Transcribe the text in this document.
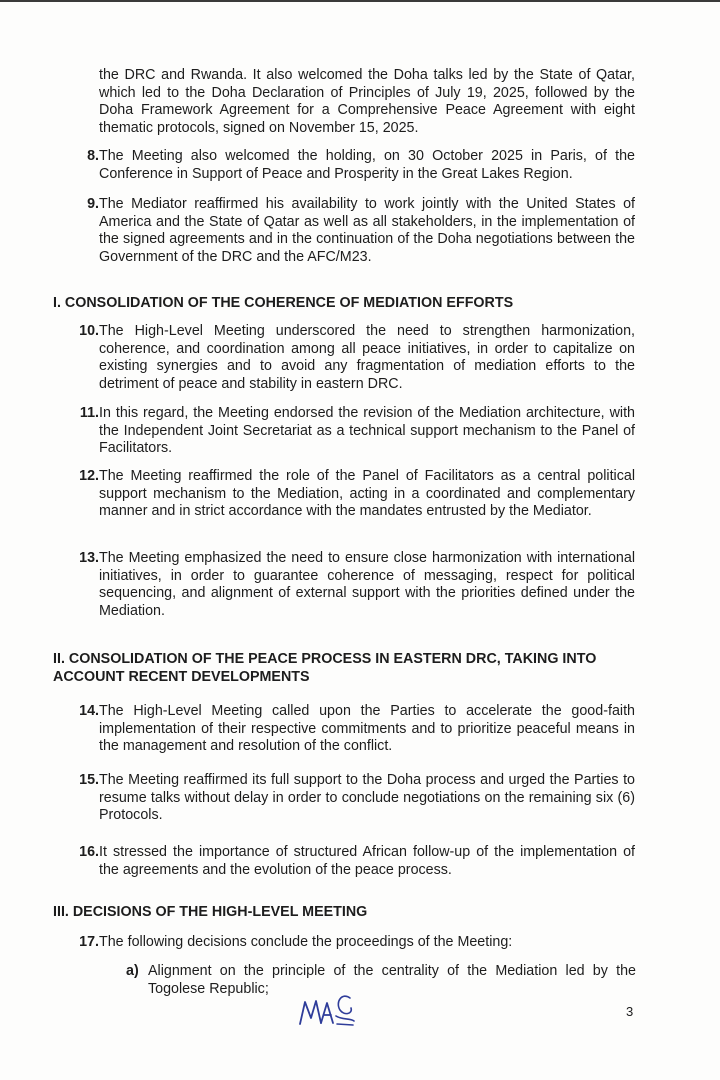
the DRC and Rwanda. It also welcomed the Doha talks led by the State of Qatar, which led to the Doha Declaration of Principles of July 19, 2025, followed by the Doha Framework Agreement for a Comprehensive Peace Agreement with eight thematic protocols, signed on November 15, 2025.
8. The Meeting also welcomed the holding, on 30 October 2025 in Paris, of the Conference in Support of Peace and Prosperity in the Great Lakes Region.
9. The Mediator reaffirmed his availability to work jointly with the United States of America and the State of Qatar as well as all stakeholders, in the implementation of the signed agreements and in the continuation of the Doha negotiations between the Government of the DRC and the AFC/M23.
I. CONSOLIDATION OF THE COHERENCE OF MEDIATION EFFORTS
10. The High-Level Meeting underscored the need to strengthen harmonization, coherence, and coordination among all peace initiatives, in order to capitalize on existing synergies and to avoid any fragmentation of mediation efforts to the detriment of peace and stability in eastern DRC.
11. In this regard, the Meeting endorsed the revision of the Mediation architecture, with the Independent Joint Secretariat as a technical support mechanism to the Panel of Facilitators.
12. The Meeting reaffirmed the role of the Panel of Facilitators as a central political support mechanism to the Mediation, acting in a coordinated and complementary manner and in strict accordance with the mandates entrusted by the Mediator.
13. The Meeting emphasized the need to ensure close harmonization with international initiatives, in order to guarantee coherence of messaging, respect for political sequencing, and alignment of external support with the priorities defined under the Mediation.
II. CONSOLIDATION OF THE PEACE PROCESS IN EASTERN DRC, TAKING INTO ACCOUNT RECENT DEVELOPMENTS
14. The High-Level Meeting called upon the Parties to accelerate the good-faith implementation of their respective commitments and to prioritize peaceful means in the management and resolution of the conflict.
15. The Meeting reaffirmed its full support to the Doha process and urged the Parties to resume talks without delay in order to conclude negotiations on the remaining six (6) Protocols.
16. It stressed the importance of structured African follow-up of the implementation of the agreements and the evolution of the peace process.
III. DECISIONS OF THE HIGH-LEVEL MEETING
17. The following decisions conclude the proceedings of the Meeting:
a) Alignment on the principle of the centrality of the Mediation led by the Togolese Republic;
3
